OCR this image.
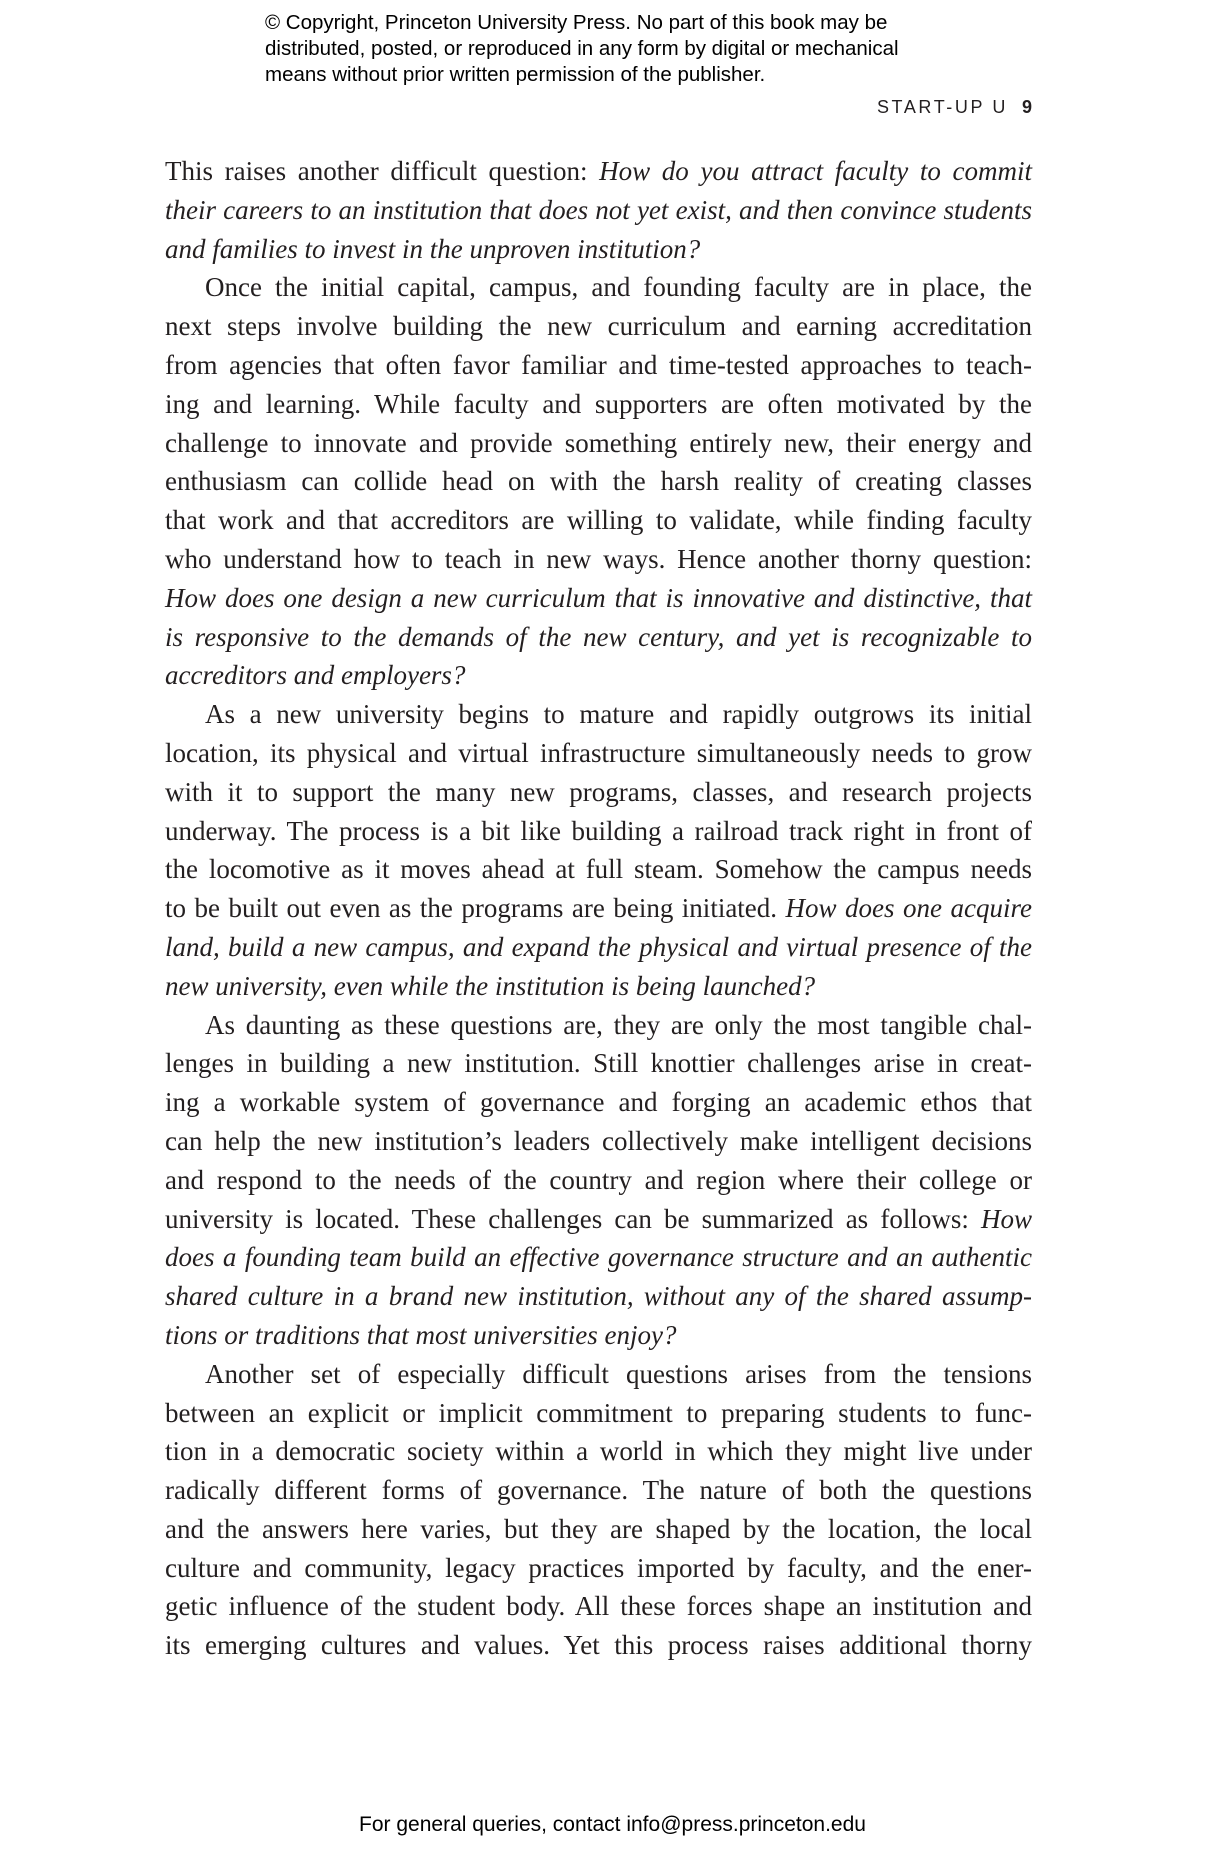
© Copyright, Princeton University Press. No part of this book may be
distributed, posted, or reproduced in any form by digital or mechanical
means without prior written permission of the publisher.
START-UP U 9
This raises another difficult question: How do you attract faculty to commit
their careers to an institution that does not yet exist, and then convince students
and families to invest in the unproven institution?
Once the initial capital, campus, and founding faculty are in place, the
next steps involve building the new curriculum and earning accreditation
from agencies that often favor familiar and time-tested approaches to teach-
ing and learning. While faculty and supporters are often motivated by the
challenge to innovate and provide something entirely new, their energy and
enthusiasm can collide head on with the harsh reality of creating classes
that work and that accreditors are willing to validate, while finding faculty
who understand how to teach in new ways. Hence another thorny question:
How does one design a new curriculum that is innovative and distinctive, that
is responsive to the demands of the new century, and yet is recognizable to
accreditors and employers?
As a new university begins to mature and rapidly outgrows its initial
location, its physical and virtual infrastructure simultaneously needs to grow
with it to support the many new programs, classes, and research projects
underway. The process is a bit like building a railroad track right in front of
the locomotive as it moves ahead at full steam. Somehow the campus needs
to be built out even as the programs are being initiated. How does one acquire
land, build a new campus, and expand the physical and virtual presence of the
new university, even while the institution is being launched?
As daunting as these questions are, they are only the most tangible chal-
lenges in building a new institution. Still knottier challenges arise in creat-
ing a workable system of governance and forging an academic ethos that
can help the new institution’s leaders collectively make intelligent decisions
and respond to the needs of the country and region where their college or
university is located. These challenges can be summarized as follows: How
does a founding team build an effective governance structure and an authentic
shared culture in a brand new institution, without any of the shared assump-
tions or traditions that most universities enjoy?
Another set of especially difficult questions arises from the tensions
between an explicit or implicit commitment to preparing students to func-
tion in a democratic society within a world in which they might live under
radically different forms of governance. The nature of both the questions
and the answers here varies, but they are shaped by the location, the local
culture and community, legacy practices imported by faculty, and the ener-
getic influence of the student body. All these forces shape an institution and
its emerging cultures and values. Yet this process raises additional thorny
For general queries, contact info@press.princeton.edu
